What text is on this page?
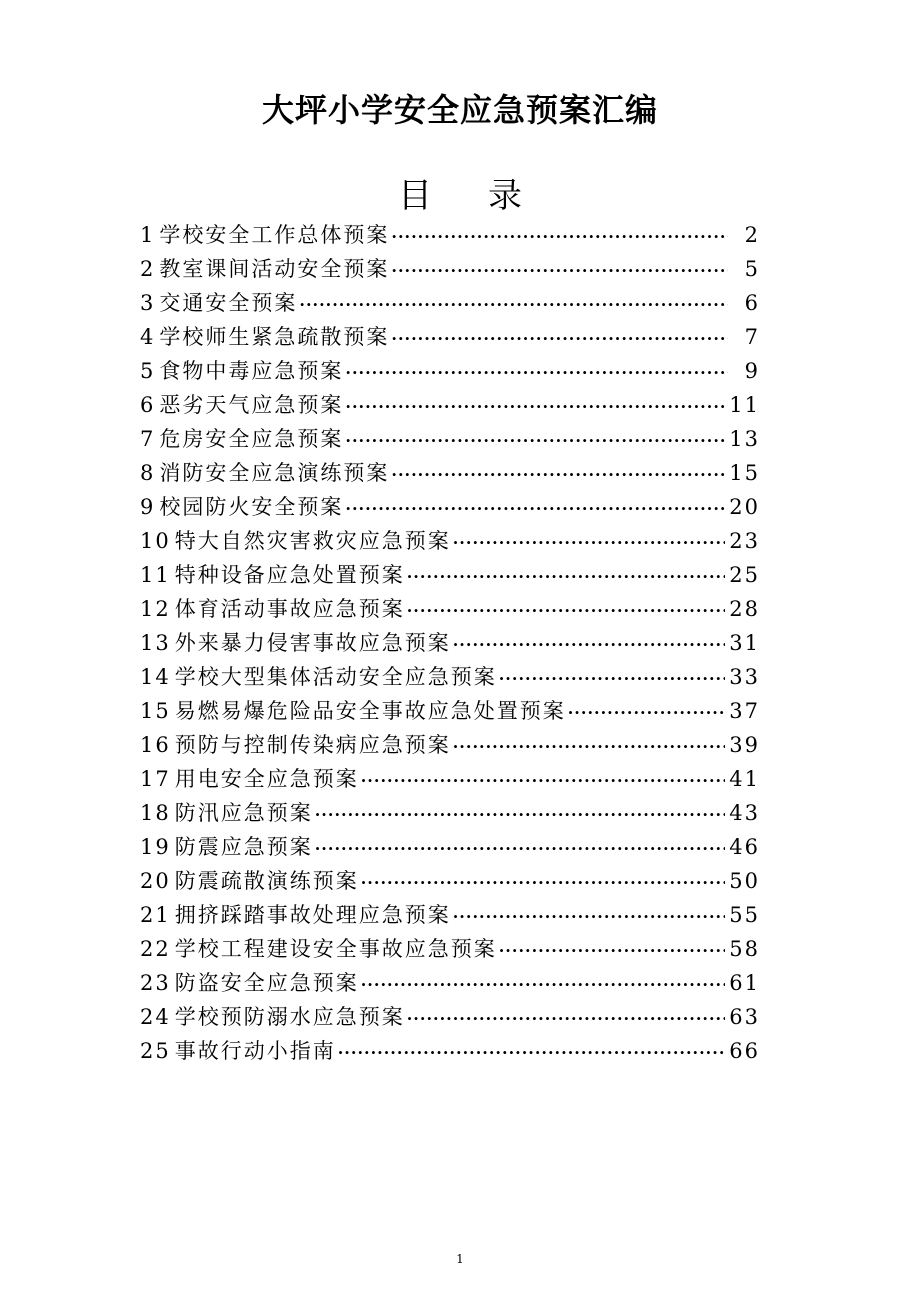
大坪小学安全应急预案汇编
目 录
1 学校安全工作总体预案 ·····	2
2 教室课间活动安全预案 ·····	5
3 交通安全预案 ·····	6
4 学校师生紧急疏散预案 ·····	7
5 食物中毒应急预案 ·····	9
6 恶劣天气应急预案 ·····	11
7 危房安全应急预案 ·····	13
8 消防安全应急演练预案 ·····	15
9 校园防火安全预案 ·····	20
10 特大自然灾害救灾应急预案 ·····	23
11 特种设备应急处置预案 ·····	25
12 体育活动事故应急预案 ·····	28
13 外来暴力侵害事故应急预案 ·····	31
14 学校大型集体活动安全应急预案 ·····	33
15 易燃易爆危险品安全事故应急处置预案 ·····	37
16 预防与控制传染病应急预案 ·····	39
17 用电安全应急预案 ·····	41
18 防汛应急预案 ·····	43
19 防震应急预案 ·····	46
20 防震疏散演练预案 ·····	50
21 拥挤踩踏事故处理应急预案 ·····	55
22 学校工程建设安全事故应急预案 ·····	58
23 防盗安全应急预案 ·····	61
24 学校预防溺水应急预案 ·····	63
25 事故行动小指南 ·····	66
1
